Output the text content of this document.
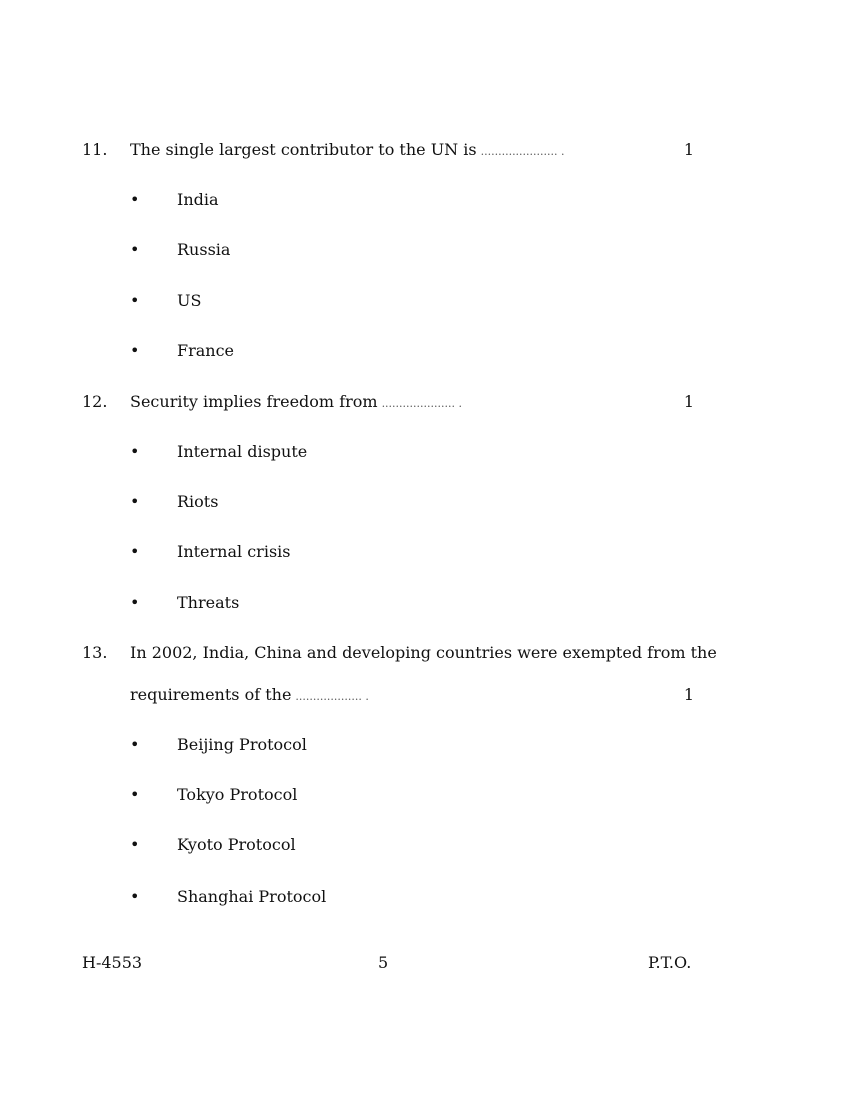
11. The single largest contributor to the UN is ...................... .	1
• India
• Russia
• US
• France
12. Security implies freedom from ..................... .	1
• Internal dispute
• Riots
• Internal crisis
• Threats
13. In 2002, India, China and developing countries were exempted from the
requirements of the ................... .	1
• Beijing Protocol
• Tokyo Protocol
• Kyoto Protocol
• Shanghai Protocol
H-4553	5	P.T.O.
